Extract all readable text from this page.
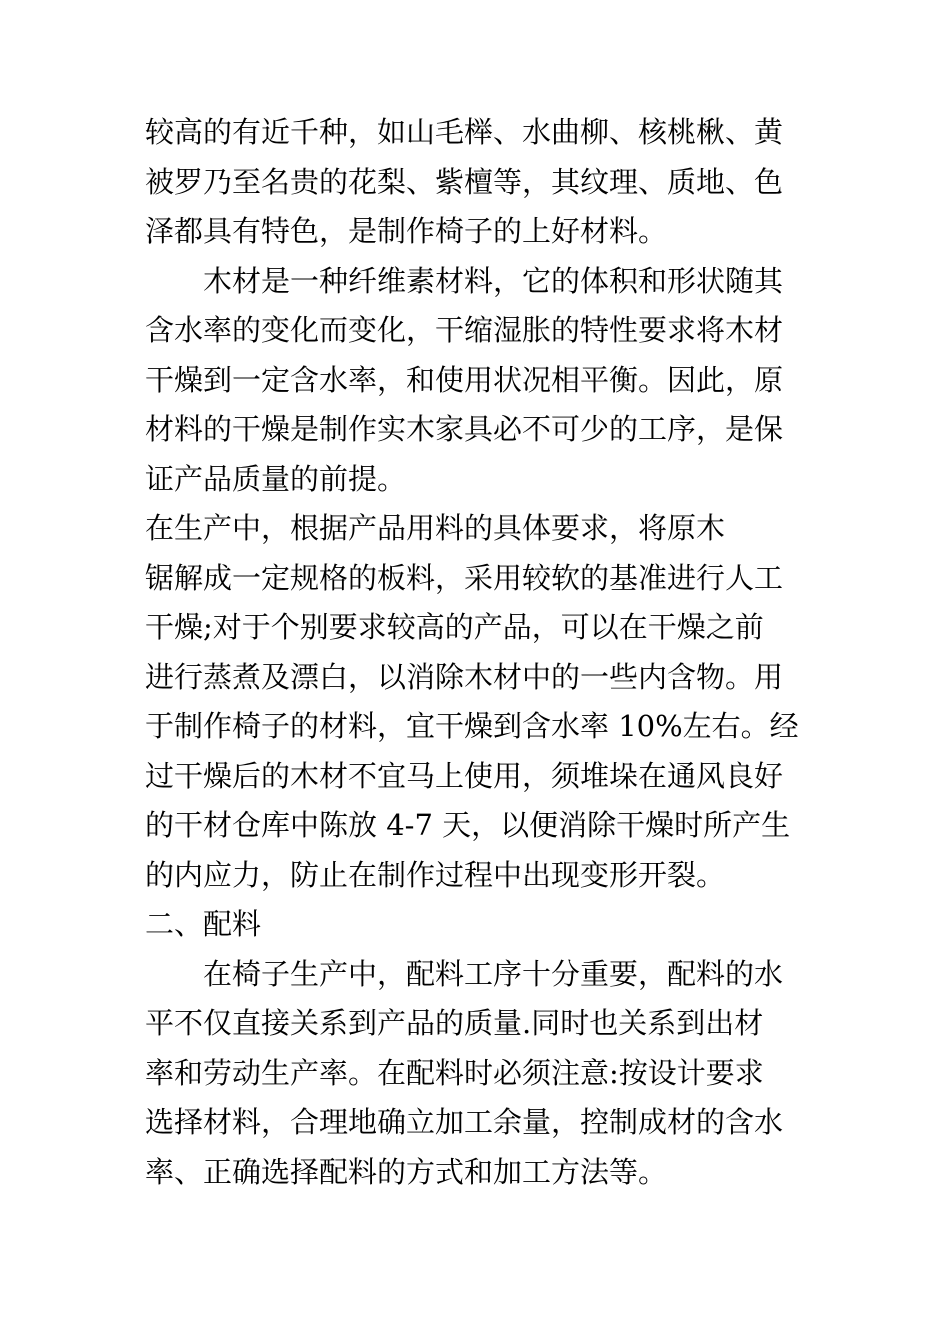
较高的有近千种，如山毛榉、水曲柳、核桃楸、黄
被罗乃至名贵的花梨、紫檀等，其纹理、质地、色
泽都具有特色，是制作椅子的上好材料。
木材是一种纤维素材料，它的体积和形状随其
含水率的变化而变化，干缩湿胀的特性要求将木材
干燥到一定含水率，和使用状况相平衡。因此，原
材料的干燥是制作实木家具必不可少的工序，是保
证产品质量的前提。
在生产中，根据产品用料的具体要求，将原木
锯解成一定规格的板料，采用较软的基准进行人工
干燥;对于个别要求较高的产品，可以在干燥之前
进行蒸煮及漂白，以消除木材中的一些内含物。用
于制作椅子的材料，宜干燥到含水率 10%左右。经
过干燥后的木材不宜马上使用，须堆垛在通风良好
的干材仓库中陈放 4-7 天，以便消除干燥时所产生
的内应力，防止在制作过程中出现变形开裂。
二、配料
在椅子生产中，配料工序十分重要，配料的水
平不仅直接关系到产品的质量.同时也关系到出材
率和劳动生产率。在配料时必须注意:按设计要求
选择材料，合理地确立加工余量，控制成材的含水
率、正确选择配料的方式和加工方法等。
